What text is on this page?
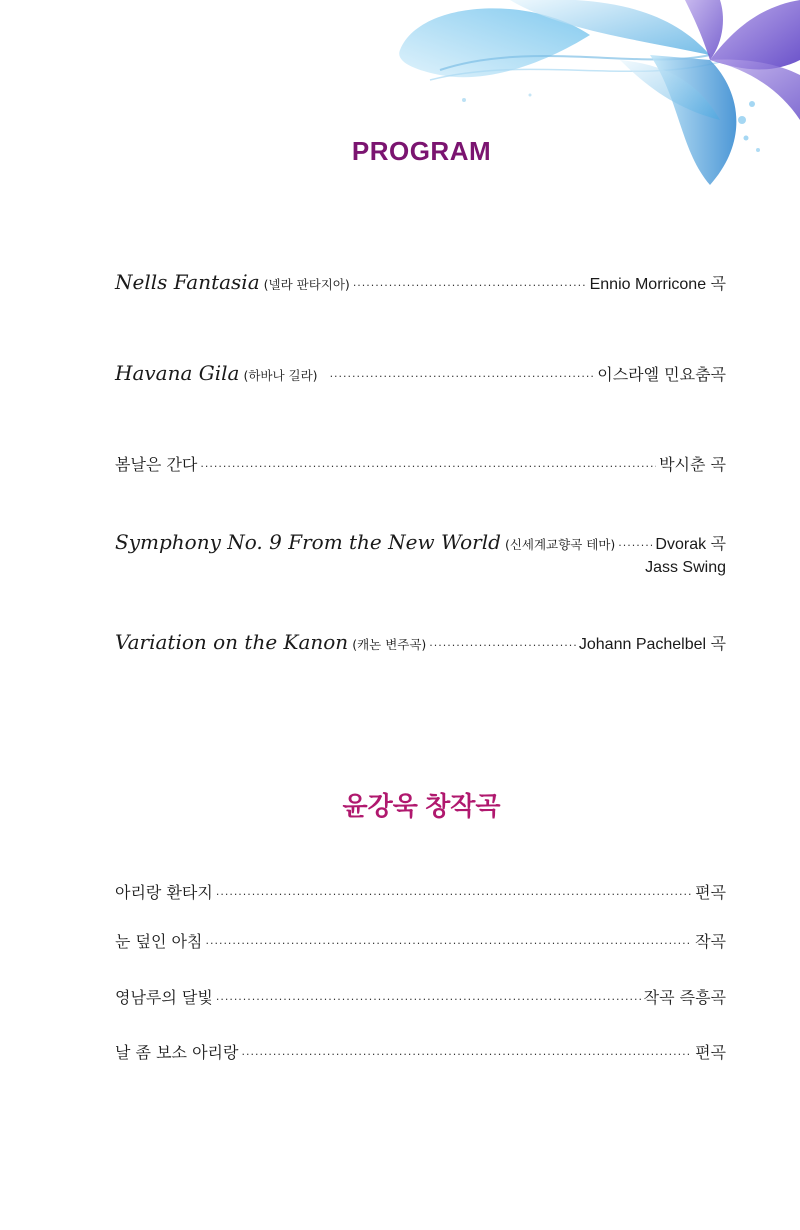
PROGRAM
Nells Fantasia (넬라 판타지아) ·····	Ennio Morricone 곡
Havana Gila (하바나 길라) ·····	이스라엘 민요춤곡
봄날은 간다 ·····	박시춘 곡
Symphony No. 9 From the New World (신세계교향곡 테마) ·····	Dvorak 곡
Jass Swing
Variation on the Kanon (캐논 변주곡) ·····	Johann Pachelbel 곡
윤강욱 창작곡
아리랑 환타지 ·····	편곡
눈 덮인 아침 ·····	작곡
영남루의 달빛 ·····	작곡 즉흥곡
날 좀 보소 아리랑 ·····	편곡
